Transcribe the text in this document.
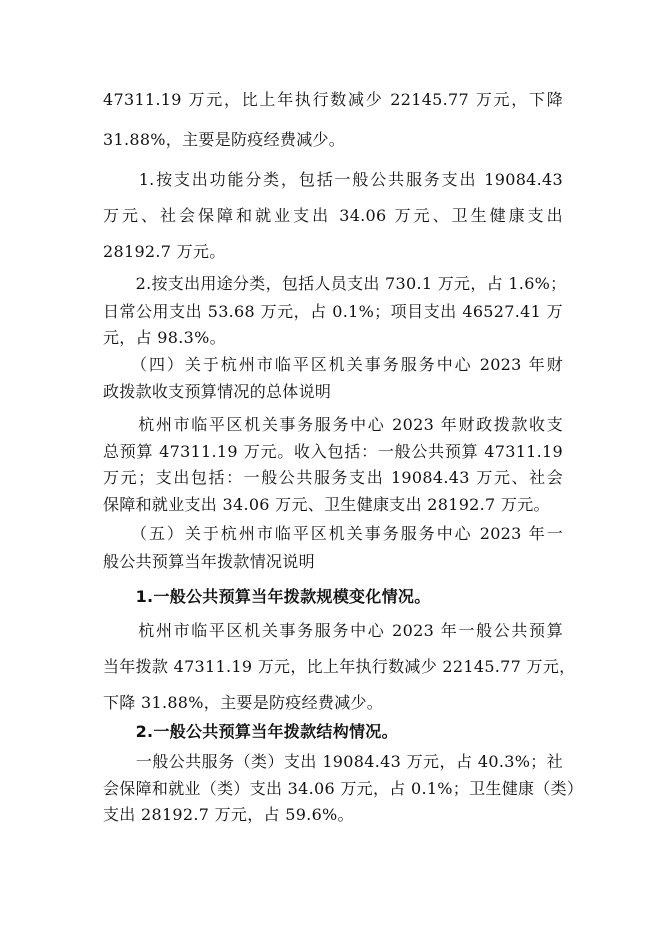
47311.19 万元，比上年执行数减少 22145.77 万元，下降
31.88%，主要是防疫经费减少。
　　1.按支出功能分类，包括一般公共服务支出 19084.43
万元、社会保障和就业支出 34.06 万元、卫生健康支出
28192.7 万元。
　　2.按支出用途分类，包括人员支出 730.1 万元，占 1.6%；
日常公用支出 53.68 万元，占 0.1%；项目支出 46527.41 万
元，占 98.3%。
　　（四）关于杭州市临平区机关事务服务中心 2023 年财
政拨款收支预算情况的总体说明
　　杭州市临平区机关事务服务中心 2023 年财政拨款收支
总预算 47311.19 万元。收入包括：一般公共预算 47311.19
万元；支出包括：一般公共服务支出 19084.43 万元、社会
保障和就业支出 34.06 万元、卫生健康支出 28192.7 万元。
　　（五）关于杭州市临平区机关事务服务中心 2023 年一
般公共预算当年拨款情况说明
　　1.一般公共预算当年拨款规模变化情况。
　　杭州市临平区机关事务服务中心 2023 年一般公共预算
当年拨款 47311.19 万元，比上年执行数减少 22145.77 万元，
下降 31.88%，主要是防疫经费减少。
　　2.一般公共预算当年拨款结构情况。
　　一般公共服务（类）支出 19084.43 万元，占 40.3%；社
会保障和就业（类）支出 34.06 万元，占 0.1%；卫生健康（类）
支出 28192.7 万元，占 59.6%。
